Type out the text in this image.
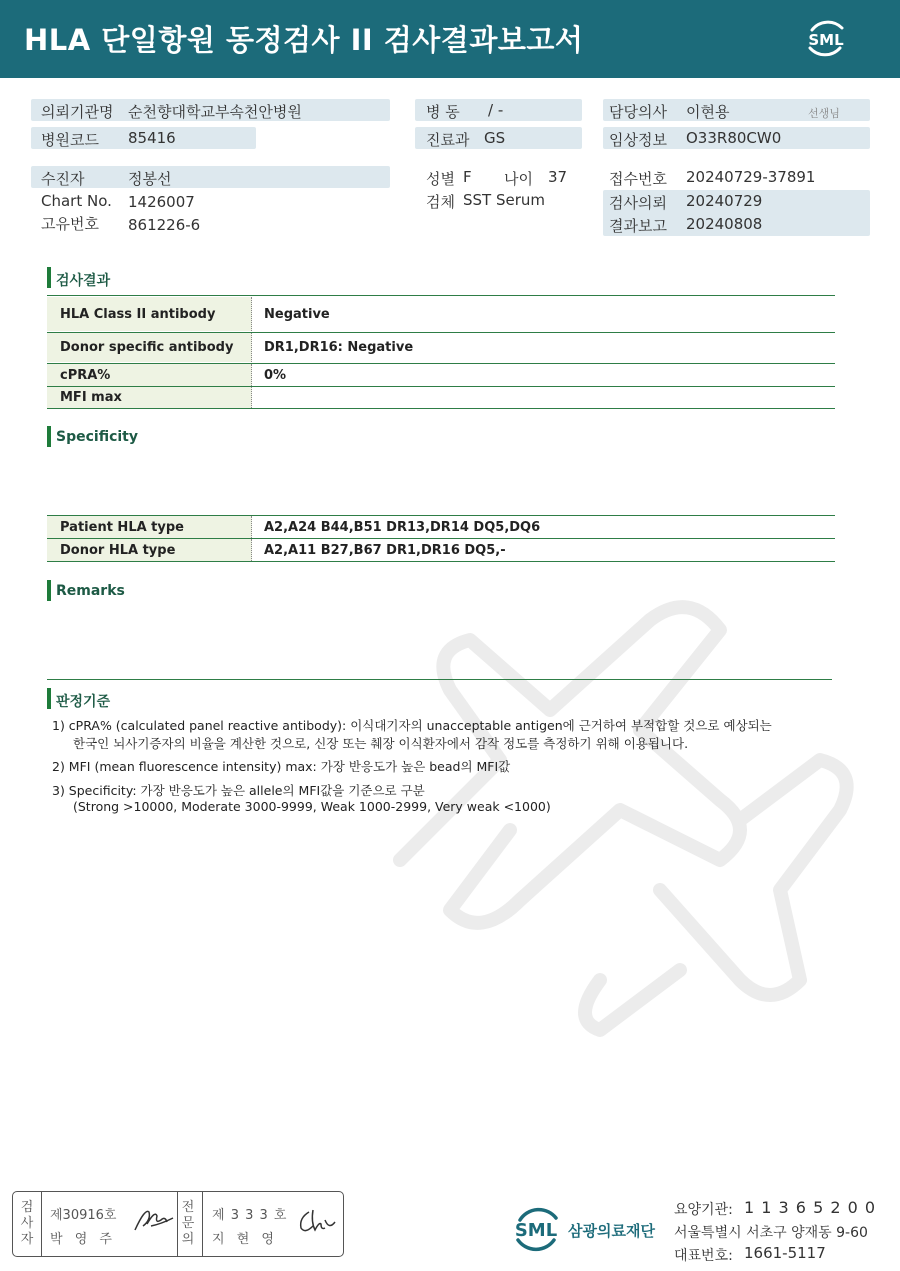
HLA 단일항원 동정검사 II 검사결과보고서	SML
의뢰기관명 순천향대학교부속천안병원	병 동 / -	담당의사 이현용	선생님
병원코드 85416	진료과 GS	임상정보 O33R80CW0
수진자	정봉선
Chart No. 1426007
고유번호 861226-6
성별 F 나이 37
검체 SST Serum
접수번호 20240729-37891
검사의뢰 20240729
결과보고 20240808
검사결과
HLA Class II antibody	Negative
Donor specific antibody	DR1,DR16: Negative
cPRA%	0%
MFI max
Specificity
Patient HLA type	A2,A24 B44,B51 DR13,DR14 DQ5,DQ6
Donor HLA type	A2,A11 B27,B67 DR1,DR16 DQ5,-
Remarks
판정기준
1) cPRA% (calculated panel reactive antibody): 이식대기자의 unacceptable antigen에 근거하여 부적합할 것으로 예상되는
한국인 뇌사기증자의 비율을 계산한 것으로, 신장 또는 췌장 이식환자에서 감작 정도를 측정하기 위해 이용됩니다.
2) MFI (mean fluorescence intensity) max: 가장 반응도가 높은 bead의 MFI값
3) Specificity: 가장 반응도가 높은 allele의 MFI값을 기준으로 구분
(Strong >10000, Moderate 3000-9999, Weak 1000-2999, Very weak <1000)
검
사
자
제30916호
박 영 주
전
문
의
제 3 3 3 호
지 현 영	SML 삼광의료재단
요양기관: 1 1 3 6 5 2 0 0
서울특별시 서초구 양재동 9-60
대표번호: 1661-5117
